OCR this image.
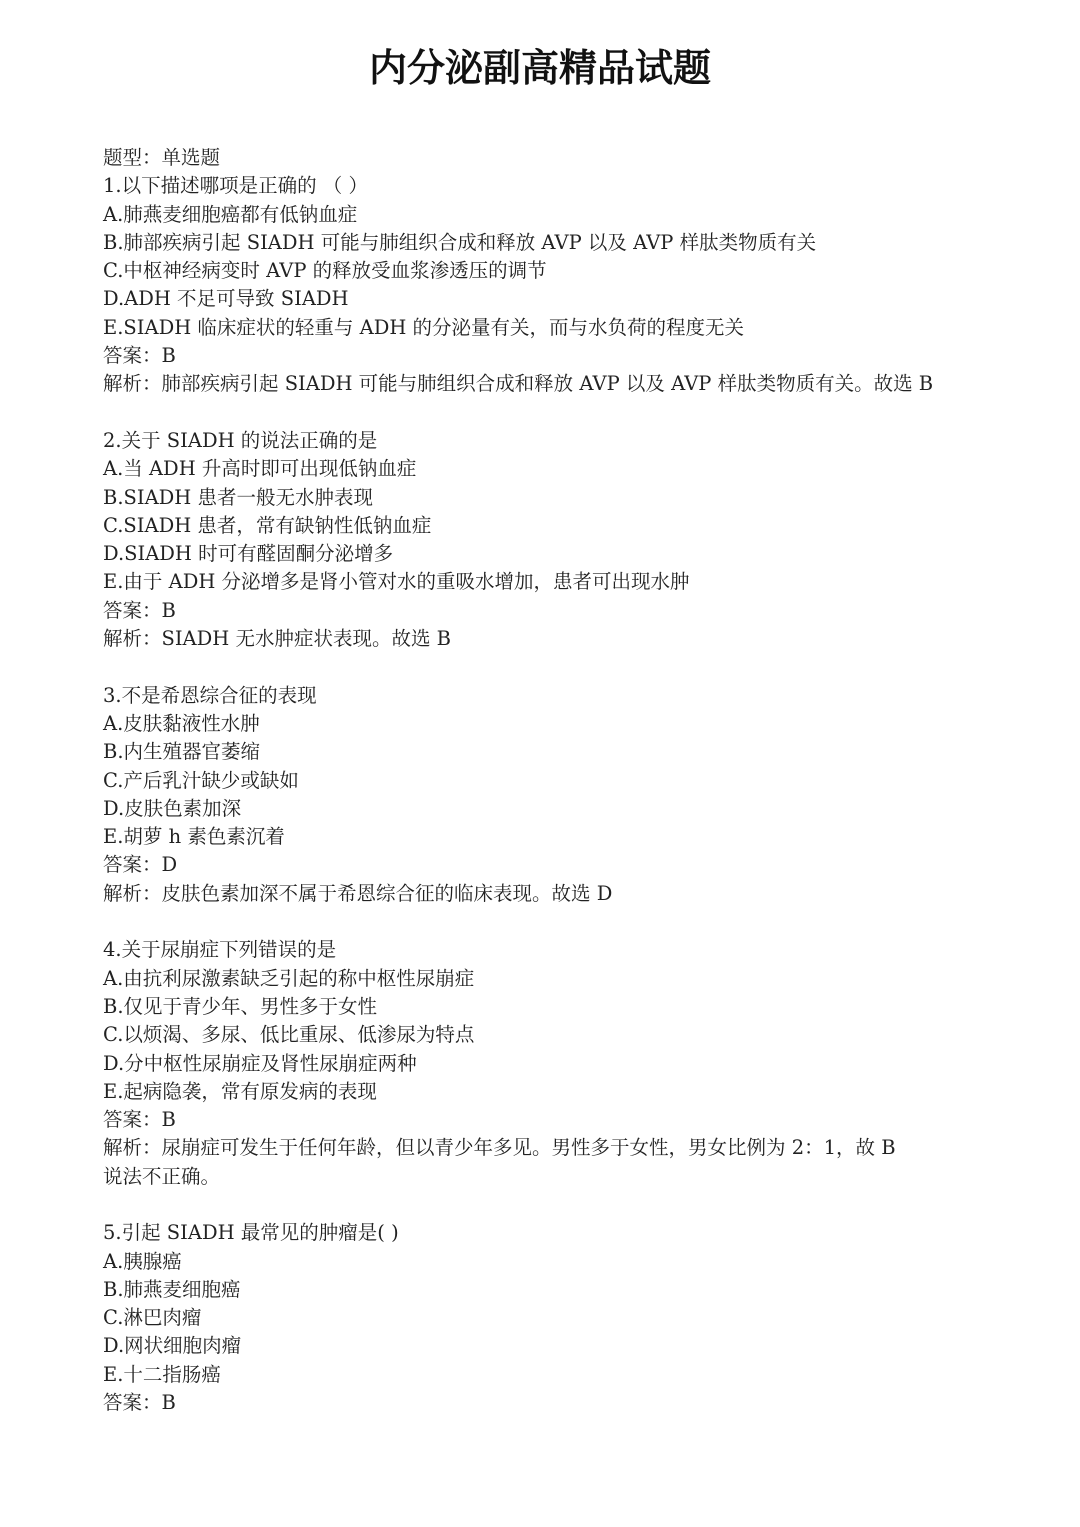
内分泌副高精品试题
题型：单选题
1.以下描述哪项是正确的 （ ）
A.肺燕麦细胞癌都有低钠血症
B.肺部疾病引起 SIADH 可能与肺组织合成和释放 AVP 以及 AVP 样肽类物质有关
C.中枢神经病变时 AVP 的释放受血浆渗透压的调节
D.ADH 不足可导致 SIADH
E.SIADH 临床症状的轻重与 ADH 的分泌量有关，而与水负荷的程度无关
答案：B
解析：肺部疾病引起 SIADH 可能与肺组织合成和释放 AVP 以及 AVP 样肽类物质有关。故选 B
2.关于 SIADH 的说法正确的是
A.当 ADH 升高时即可出现低钠血症
B.SIADH 患者一般无水肿表现
C.SIADH 患者，常有缺钠性低钠血症
D.SIADH 时可有醛固酮分泌增多
E.由于 ADH 分泌增多是肾小管对水的重吸水增加，患者可出现水肿
答案：B
解析：SIADH 无水肿症状表现。故选 B
3.不是希恩综合征的表现
A.皮肤黏液性水肿
B.内生殖器官萎缩
C.产后乳汁缺少或缺如
D.皮肤色素加深
E.胡萝 h 素色素沉着
答案：D
解析：皮肤色素加深不属于希恩综合征的临床表现。故选 D
4.关于尿崩症下列错误的是
A.由抗利尿激素缺乏引起的称中枢性尿崩症
B.仅见于青少年、男性多于女性
C.以烦渴、多尿、低比重尿、低渗尿为特点
D.分中枢性尿崩症及肾性尿崩症两种
E.起病隐袭，常有原发病的表现
答案：B
解析：尿崩症可发生于任何年龄，但以青少年多见。男性多于女性，男女比例为 2：1，故 B
说法不正确。
5.引起 SIADH 最常见的肿瘤是( )
A.胰腺癌
B.肺燕麦细胞癌
C.淋巴肉瘤
D.网状细胞肉瘤
E.十二指肠癌
答案：B
